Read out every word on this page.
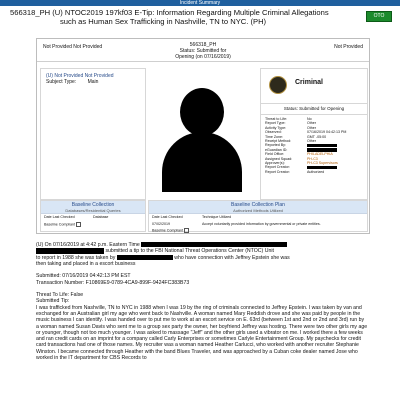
Incident Summary
566318_PH (U) NTOC2019 197kf03 E-Tip: Information Regarding Multiple Criminal Allegations
such as Human Sex Trafficking in Nashville, TN to NYC. (PH)
OTO
Not Provided Not Provided	566318_PH
Status: Submitted for
Opening (on 07/16/2019)
Not Provided
(U) Not Provided Not Provided
Subject Type: Main	Criminal
Status: Submitted for Opening
Threat to Life:	No
Report Type:	Other
Activity Type:	Other
Observed:	07/16/2019 04:42:13 PM
Time Zone:	GMT -05:00
Receipt Method:	Other
Reported By:
eGuardian ID:
Field Office:	PHILADELPHIA
Assigned Squad:	PH-C3
Approver(s):	PH-C3 Supervisors
Report Creator:
Report Creator:	Authorized
Baseline Collection
Databases/Residential Queries
Date Last Checked	Database
Baseline Compliant
Baseline Collection Plan
Authorized Methods Utilized
Date Last Checked	Technique Utilized
07/02/2019	Accept voluntarily provided information by governmental or private entities.
Baseline Compliant

(U) On 07/16/2019 at 4:42 p.m. Eastern Time

submitted a tip to the FBI National Threat Operations Center (NTOC) Unit

to report in 1988 she was taken by	who have connection with Jeffrey Epstein she was

then taking and placed in a escort business

Submitted: 07/16/2019 04:42:13 PM EST

Transaction Number: F10869E9-0789-4CA9-899F-9424FC383B73

Threat To Life: False

Submitted Tip:

I was trafficked from Nashville, TN to NYC in 1988 when I was 19 by the ring of criminals connected to Jeffrey Epstein. I was taken by van and exchanged for an Australian girl my age who went back to Nashville. A woman named Mary Reddish drove and she was paid by people in the music business I can identify. I was handed over to put me to work at an escort service on E. 63rd (between 1st and 2nd or 2nd and 3rd) run by a woman named Susan Davis who sent me to a group sex party the owner, her boyfriend Jeffrey was hosting. There were two other girls my age or younger, though not too much younger. I was asked to massage "Jeff" and the other girls used a vibrator on me. I worked there a few weeks and ran credit cards on an imprint for a company called Carly Enterprises or sometimes Carlyle Entertainment Group. My paychecks for credit card transactions had one of those names. My recruiter was a woman named Heather Carlucci, who worked with another recruiter Stephanie Winston. I became connected through Heather with the band Blues Traveler, and was approached by a Cuban coke dealer named Jose who worked in the IT department for CBS Records to
